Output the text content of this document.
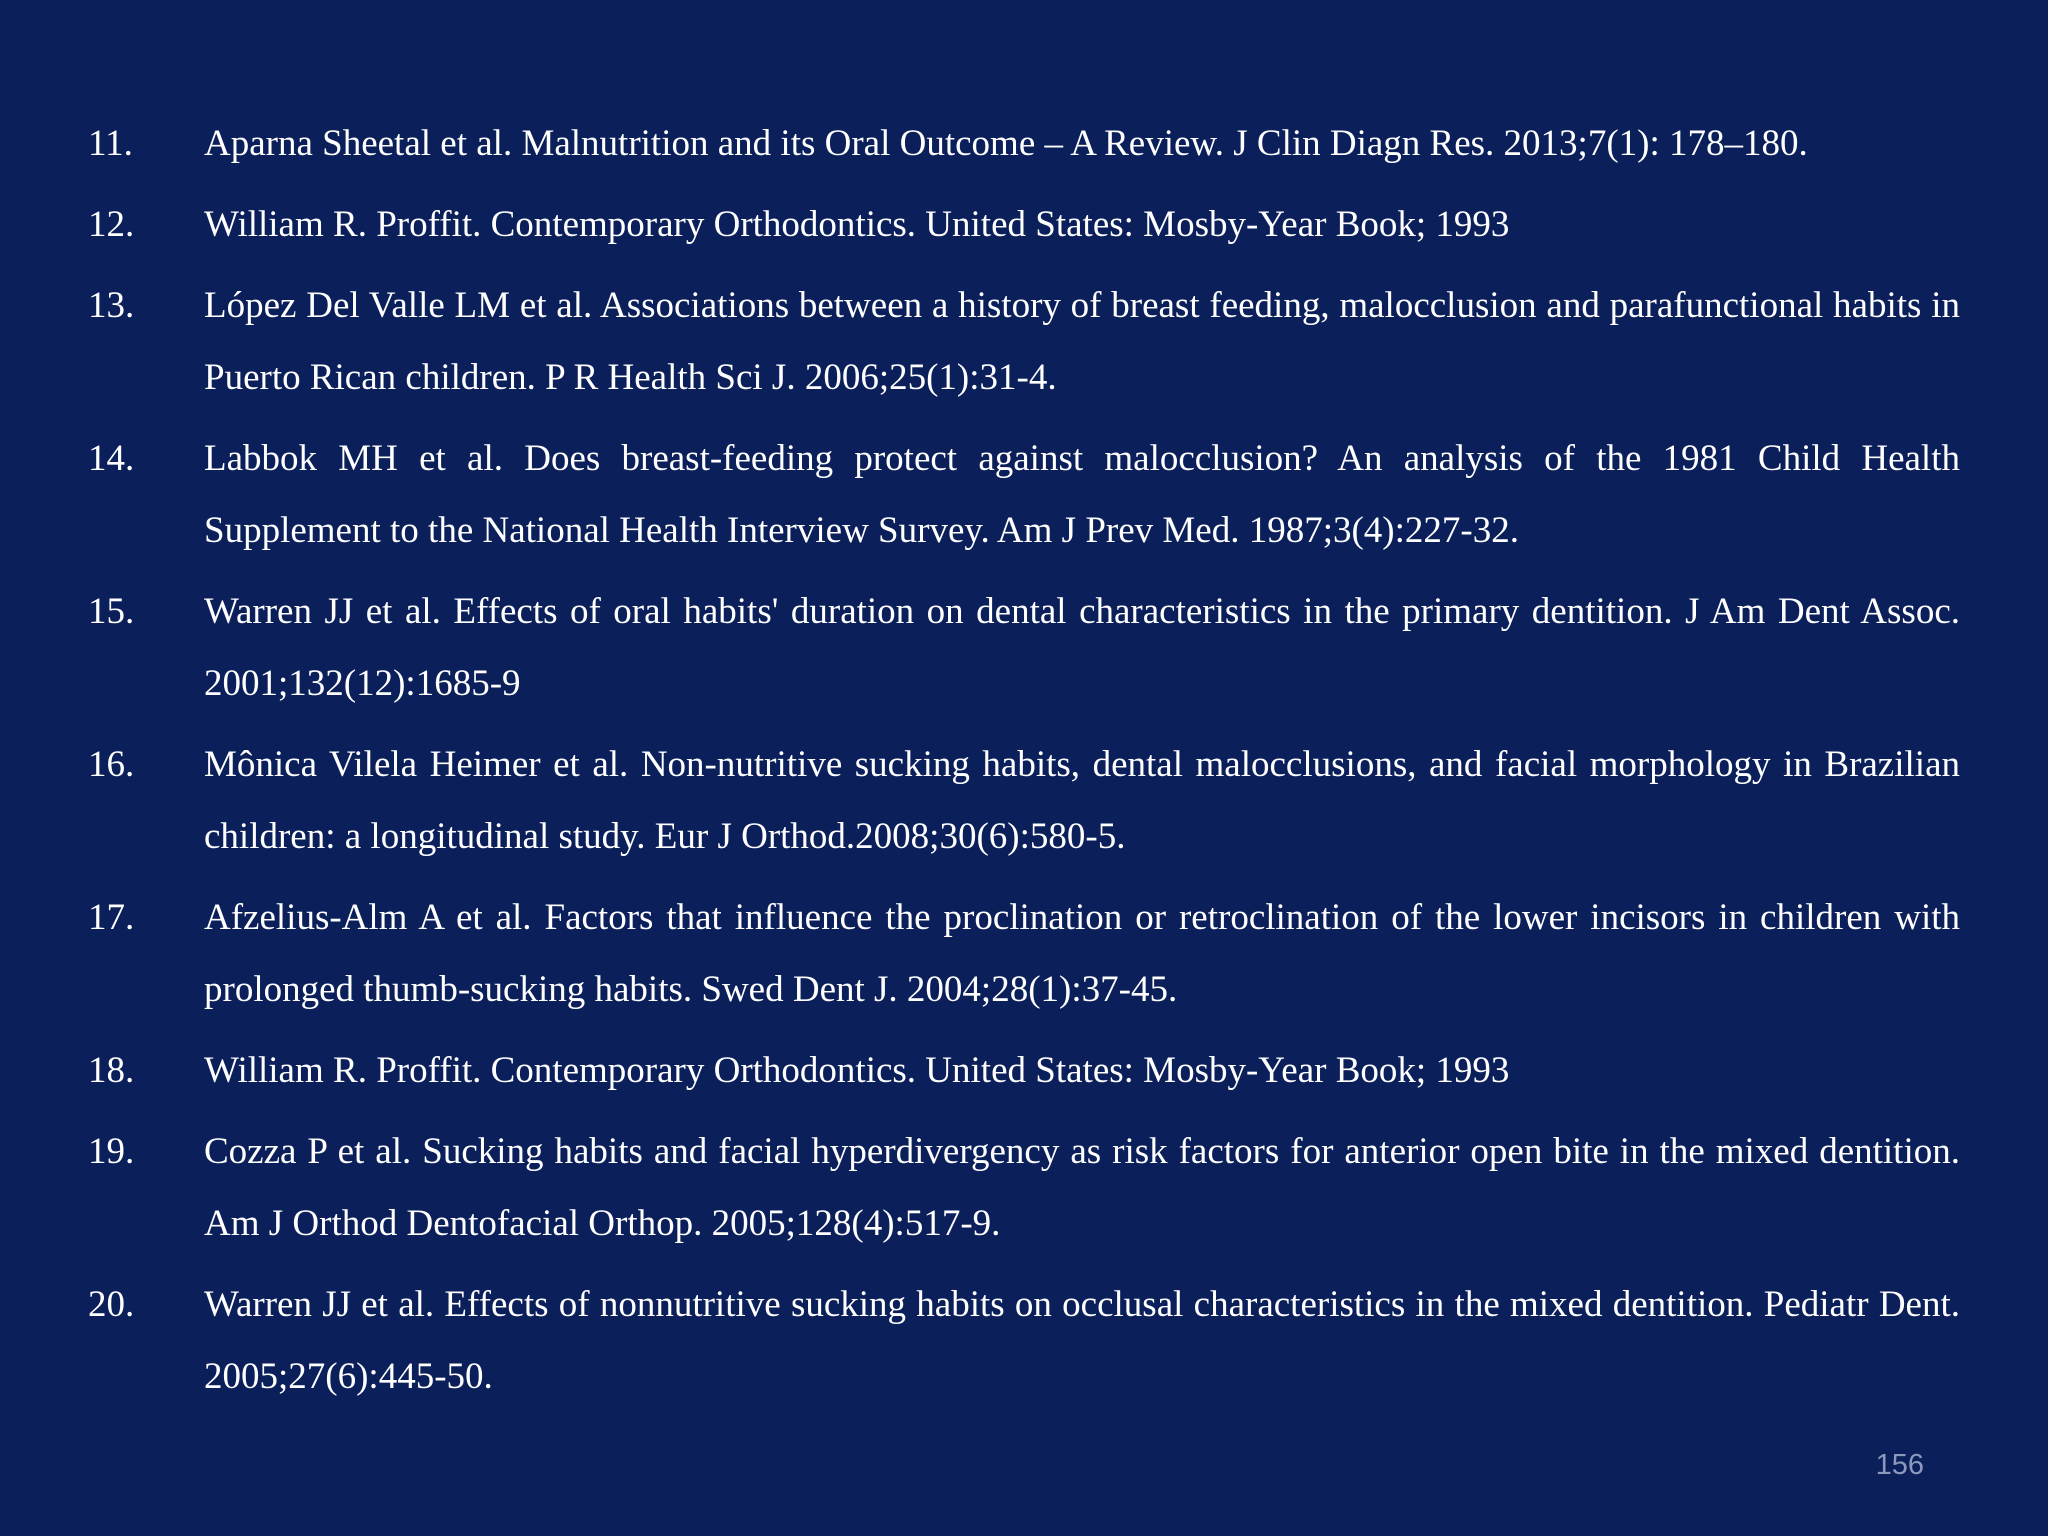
11.	Aparna Sheetal et al. Malnutrition and its Oral Outcome – A Review. J Clin Diagn Res. 2013;7(1): 178–180.
12.	William R. Proffit. Contemporary Orthodontics. United States: Mosby-Year Book; 1993
13.	López Del Valle LM et al. Associations between a history of breast feeding, malocclusion and parafunctional habits in Puerto Rican children. P R Health Sci J. 2006;25(1):31-4.
14.	Labbok MH et al. Does breast-feeding protect against malocclusion? An analysis of the 1981 Child Health Supplement to the National Health Interview Survey. Am J Prev Med. 1987;3(4):227-32.
15.	Warren JJ et al. Effects of oral habits' duration on dental characteristics in the primary dentition. J Am Dent Assoc. 2001;132(12):1685-9
16.	Mônica Vilela Heimer et al. Non-nutritive sucking habits, dental malocclusions, and facial morphology in Brazilian children: a longitudinal study. Eur J Orthod.2008;30(6):580-5.
17.	Afzelius-Alm A et al. Factors that influence the proclination or retroclination of the lower incisors in children with prolonged thumb-sucking habits. Swed Dent J. 2004;28(1):37-45.
18.	William R. Proffit. Contemporary Orthodontics. United States: Mosby-Year Book; 1993
19.	Cozza P et al. Sucking habits and facial hyperdivergency as risk factors for anterior open bite in the mixed dentition. Am J Orthod Dentofacial Orthop. 2005;128(4):517-9.
20.	Warren JJ et al. Effects of nonnutritive sucking habits on occlusal characteristics in the mixed dentition. Pediatr Dent. 2005;27(6):445-50.
156
